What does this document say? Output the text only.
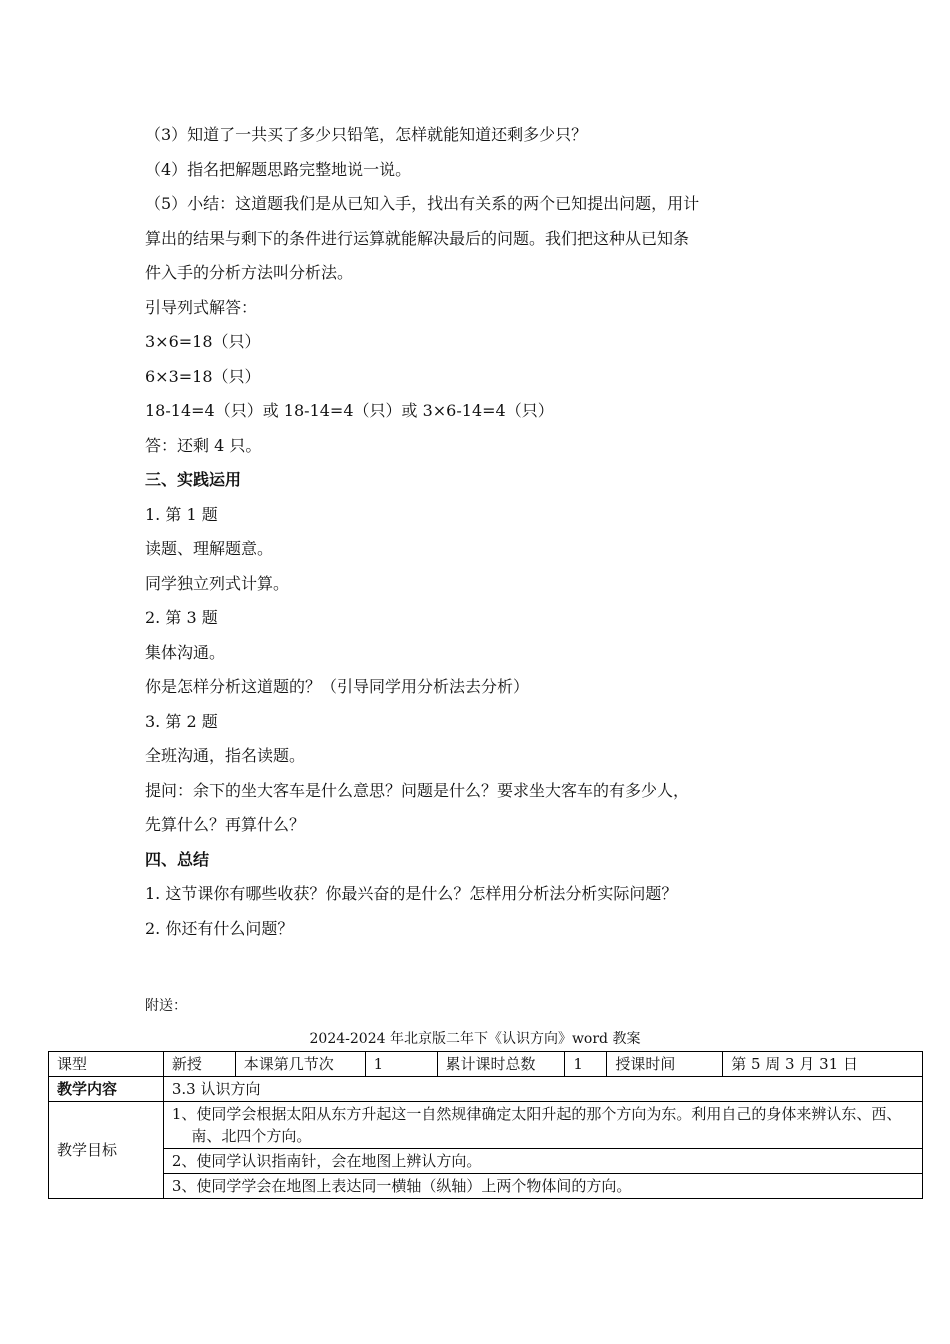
（3）知道了一共买了多少只铅笔，怎样就能知道还剩多少只？

（4）指名把解题思路完整地说一说。

（5）小结：这道题我们是从已知入手，找出有关系的两个已知提出问题，用计

算出的结果与剩下的条件进行运算就能解决最后的问题。我们把这种从已知条

件入手的分析方法叫分析法。

引导列式解答：

3×6=18（只）

6×3=18（只）

18-14=4（只）或 18-14=4（只）或 3×6-14=4（只）

答：还剩 4 只。

三、实践运用

1. 第 1 题

读题、理解题意。

同学独立列式计算。

2. 第 3 题

集体沟通。

你是怎样分析这道题的？（引导同学用分析法去分析）

3. 第 2 题

全班沟通，指名读题。

提问：余下的坐大客车是什么意思？问题是什么？要求坐大客车的有多少人，

先算什么？再算什么？

四、总结

1. 这节课你有哪些收获？你最兴奋的是什么？怎样用分析法分析实际问题？

2. 你还有什么问题？

附送：
2024-2024 年北京版二年下《认识方向》word 教案
课型	新授	本课第几节次	1	累计课时总数	1	授课时间	第 5 周 3 月 31 日
教学内容	3.3 认识方向						
教学目标	1、使同学会根据太阳从东方升起这一自然规律确定太阳升起的那个方向为东。利用自己的身体来辨认东、西、南、北四个方向。						

	2、使同学认识指南针，会在地图上辨认方向。						

	3、使同学学会在地图上表达同一横轴（纵轴）上两个物体间的方向。						
